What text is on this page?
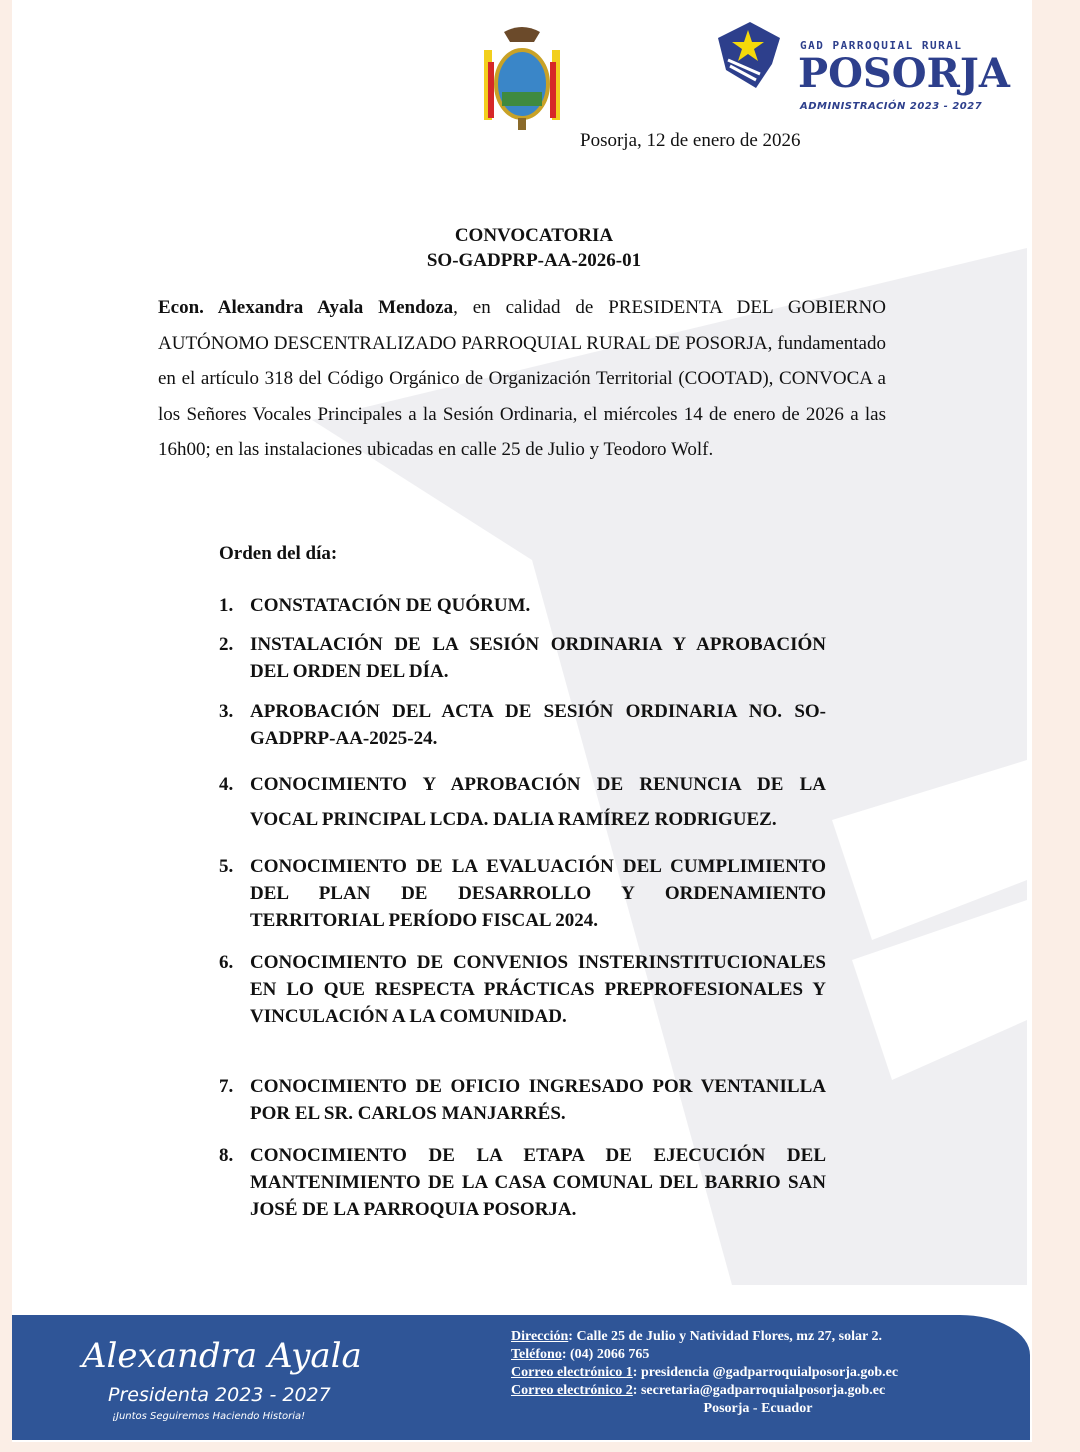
GAD PARROQUIAL RURAL
POSORJA
ADMINISTRACIÓN 2023 - 2027
Posorja, 12 de enero de 2026
CONVOCATORIA
SO-GADPRP-AA-2026-01
Econ. Alexandra Ayala Mendoza, en calidad de PRESIDENTA DEL GOBIERNO AUTÓNOMO DESCENTRALIZADO PARROQUIAL RURAL DE POSORJA, fundamentado en el artículo 318 del Código Orgánico de Organización Territorial (COOTAD), CONVOCA a los Señores Vocales Principales a la Sesión Ordinaria, el miércoles 14 de enero de 2026 a las 16h00; en las instalaciones ubicadas en calle 25 de Julio y Teodoro Wolf.
Orden del día:
1. CONSTATACIÓN DE QUÓRUM.
2. INSTALACIÓN DE LA SESIÓN ORDINARIA Y APROBACIÓN DEL ORDEN DEL DÍA.
3. APROBACIÓN DEL ACTA DE SESIÓN ORDINARIA NO. SO-GADPRP-AA-2025-24.
4. CONOCIMIENTO Y APROBACIÓN DE RENUNCIA DE LA VOCAL PRINCIPAL LCDA. DALIA RAMÍREZ RODRIGUEZ.
5. CONOCIMIENTO DE LA EVALUACIÓN DEL CUMPLIMIENTO DEL PLAN DE DESARROLLO Y ORDENAMIENTO TERRITORIAL PERÍODO FISCAL 2024.
6. CONOCIMIENTO DE CONVENIOS INSTERINSTITUCIONALES EN LO QUE RESPECTA PRÁCTICAS PREPROFESIONALES Y VINCULACIÓN A LA COMUNIDAD.
7. CONOCIMIENTO DE OFICIO INGRESADO POR VENTANILLA POR EL SR. CARLOS MANJARRÉS.
8. CONOCIMIENTO DE LA ETAPA DE EJECUCIÓN DEL MANTENIMIENTO DE LA CASA COMUNAL DEL BARRIO SAN JOSÉ DE LA PARROQUIA POSORJA.
Alexandra Ayala
Presidenta 2023 - 2027
¡Juntos Seguiremos Haciendo Historia!
Dirección: Calle 25 de Julio y Natividad Flores, mz 27, solar 2.
Teléfono: (04) 2066 765
Correo electrónico 1: presidencia @gadparroquialposorja.gob.ec
Correo electrónico 2: secretaria@gadparroquialposorja.gob.ec
Posorja - Ecuador
